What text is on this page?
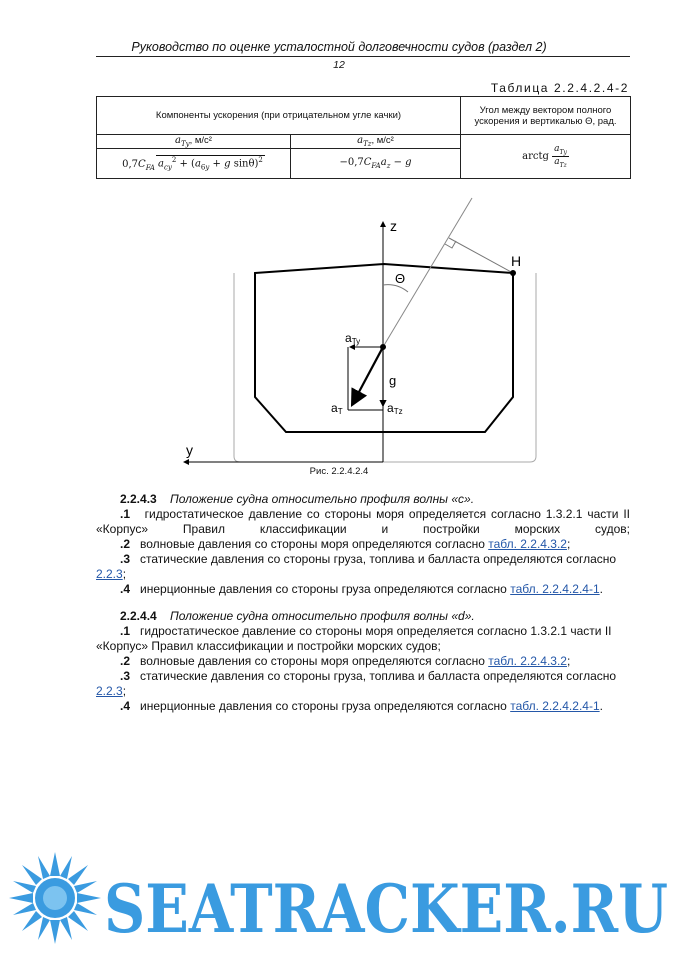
Руководство по оценке усталостной долговечности судов (раздел 2)
12
Таблица 2.2.4.2.4-2
Компоненты ускорения (при отрицательном угле качки)		Угол между вектором полного ускорения и вертикалью Θ, рад.
$a_{Ty}$, м/с²	$a_{Tz}$, м/с²	arctg $\frac{a_{Ty}}{a_{Tz}}$

$0,7C_{FA}$ $a_{cy}^2 + (a_{6y} + g$ sinθ)$^2$	$-0,7C_{FA}a_z - g$	
z
y
H
Θ
aTy
g
aT	aTz
Рис. 2.2.4.2.4
2.2.4.3 Положение судна относительно профиля волны «c».
.1 гидростатическое давление со стороны моря определяется согласно 1.3.2.1 части II «Корпус» Правил классификации и постройки морских судов;
.2 волновые давления со стороны моря определяются согласно табл. 2.2.4.3.2;
.3 статические давления со стороны груза, топлива и балласта определяются согласно 2.2.3;
.4 инерционные давления со стороны груза определяются согласно табл. 2.2.4.2.4-1.
2.2.4.4 Положение судна относительно профиля волны «d».
.1 гидростатическое давление со стороны моря определяется согласно 1.3.2.1 части II «Корпус» Правил классификации и постройки морских судов;
.2 волновые давления со стороны моря определяются согласно табл. 2.2.4.3.2;
.3 статические давления со стороны груза, топлива и балласта определяются согласно 2.2.3;
.4 инерционные давления со стороны груза определяются согласно табл. 2.2.4.2.4-1.
SEATRACKER.RU
